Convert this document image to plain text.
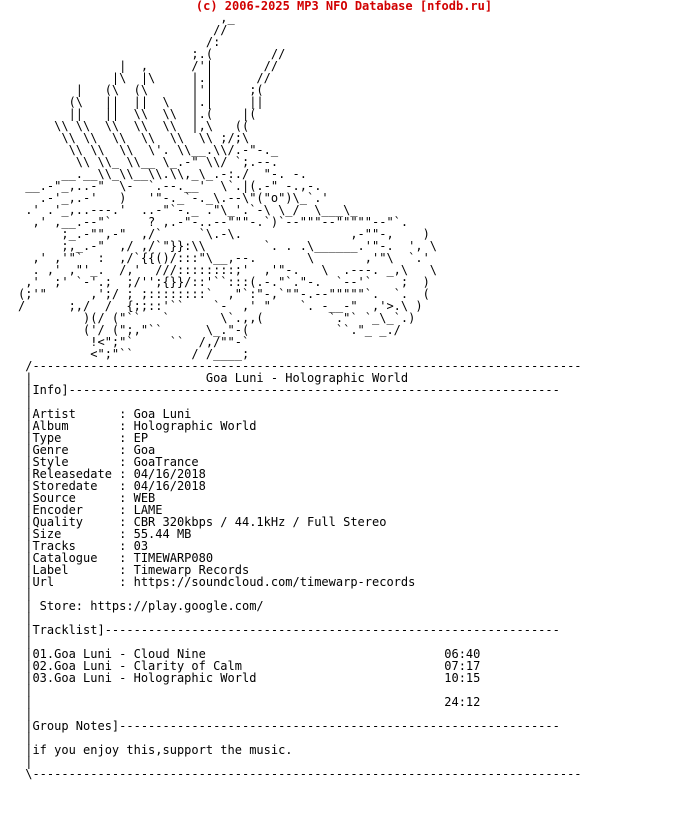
(c) 2006-2025 MP3 NFO Database [nfodb.ru]
,_
//
/:
;.(        //
|  ,      /'|       //
|\  |\     |.|      //
|   (\  (\      |'|     ;(
(\   ||  ||  \   |.|     ||
||   ||  \\  \\  |.(    |(
\\ \\  \\  \\  \\  |,\   ((
\\ \\  \\  \\  \\  \\ ;/;\
\\ \\  \\  \'. \\__.\\/.-"-._
\\ \\_ \\__ \_.-" \\/ `;.--.
__.__\\_\\__\\.\\,_\_.-:./  "-. -.
__.-"_,..-"  \-  `.--.__'  \`.|(.-" -.,-.
.-'_,.-'   )   '"-._`-._\.--\"("o")\_`.'
.' .'_,..---.'  ..-"`-._ ."\_'.`-\ \_/  \___\_
,' ,__.--"`     ? ,.-"-..--"""-.`)`--"""--"""""--"`.
;_.-"",-"  ,/`     `\.-\.               ,-""-,    )
;,_.-"  ,/ ,/`"}}:\\        `. . .\______.'"-.  ', \
,' ,'"`  :  ,/`{{()/:::"\__,--.       \       ,'"\  `.'
. ,' ,"'_.  /,'  ///::::::::;'  ,'"-.   \  .---. _,\   \
,'  ;' `-'.;  ;/'';{}}/::'``:::(.-."`."-.  `--'`    ;  )
(;'"      ,';/ ; ;::::::::`  ,"`:"-,`""-.--"""""`.  `.  (
/      ;,/  /  {;;::'``    `-  ,' "    `. -__-"  ,'>.\ )
)(/ ("``   `       \`.,,(         `."` `_\_`.)
('/ (";,"``      \_."-(            ``."_ _./
!<";"`     ``  /,/""-`
<";"``        / /____;
/----------------------------------------------------------------------------
|                        Goa Luni - Holographic World
|Info]--------------------------------------------------------------------
|
|Artist      : Goa Luni
|Album       : Holographic World
|Type        : EP
|Genre       : Goa
|Style       : GoaTrance
|Releasedate : 04/16/2018
|Storedate   : 04/16/2018
|Source      : WEB
|Encoder     : LAME
|Quality     : CBR 320kbps / 44.1kHz / Full Stereo
|Size        : 55.44 MB
|Tracks      : 03
|Catalogue   : TIMEWARP080
|Label       : Timewarp Records
|Url         : https://soundcloud.com/timewarp-records
|
| Store: https://play.google.com/
|
|Tracklist]---------------------------------------------------------------
|
|01.Goa Luni - Cloud Nine                                 06:40
|02.Goa Luni - Clarity of Calm                            07:17
|03.Goa Luni - Holographic World                          10:15
|
|                                                         24:12
|
|Group Notes]-------------------------------------------------------------
|
|if you enjoy this,support the music.
|
\----------------------------------------------------------------------------
